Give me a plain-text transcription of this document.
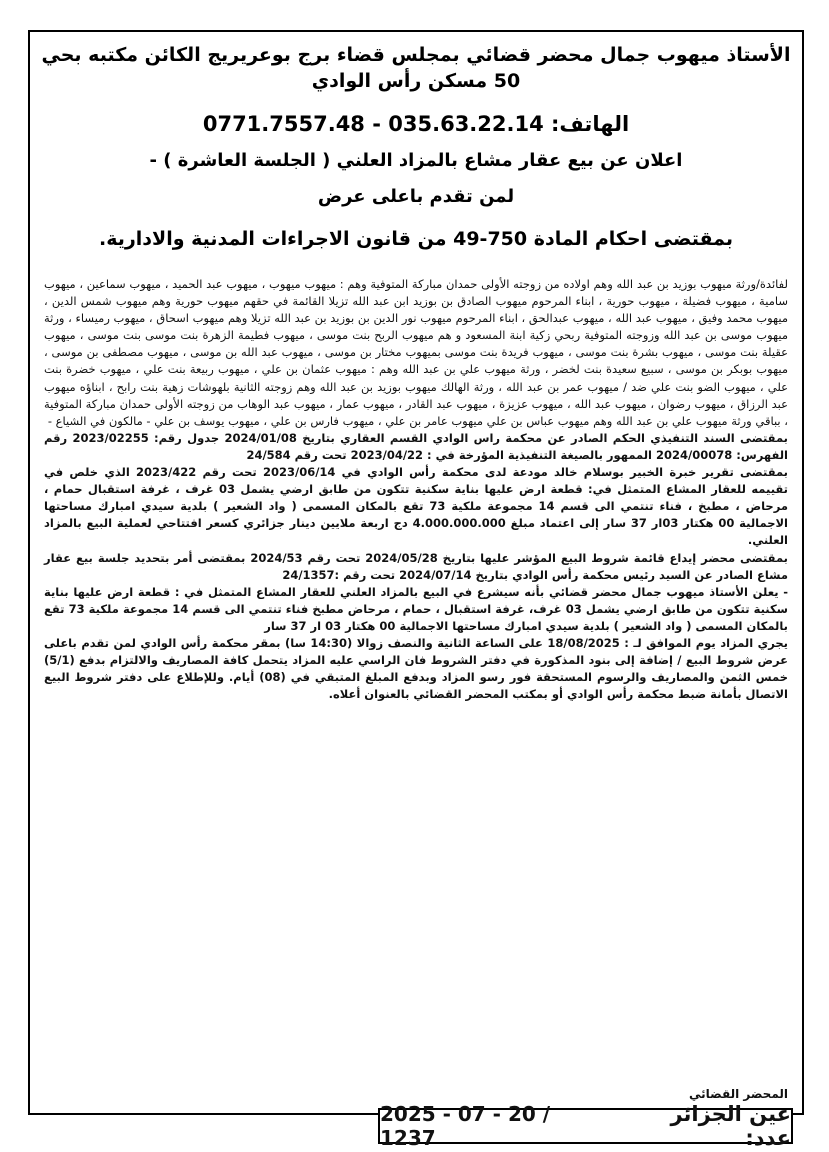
الأستاذ ميهوب جمال محضر قضائي بمجلس قضاء برج بوعريريج الكائن مكتبه بحي 50 مسكن رأس الوادي
الهاتف: 035.63.22.14 - 0771.7557.48
اعلان عن بيع عقار مشاع بالمزاد العلني ( الجلسة العاشرة ) -
لمن تقدم باعلى عرض
بمقتضى احكام المادة 750-49 من قانون الاجراءات المدنية والادارية.

لفائدة/ورثة ميهوب بوزيد بن عبد الله وهم اولاده من زوجته الأولى حمدان مباركة المتوفية وهم : ميهوب ميهوب ، ميهوب عبد الحميد ، ميهوب سماعين ، ميهوب سامية ، ميهوب فضيلة ، ميهوب حورية ، ابناء المرحوم ميهوب الصادق بن بوزيد ابن عبد الله تزيلا القائمة في حقهم ميهوب حورية وهم ميهوب شمس الدين ، ميهوب محمد وفيق ، ميهوب عبد الله ، ميهوب عبدالحق ، ابناء المرحوم ميهوب نور الدين بن بوزيد بن عبد الله تزيلا وهم ميهوب اسحاق ، ميهوب رميساء ، ورثة ميهوب موسى بن عبد الله وزوجته المتوفية ربحي زكية ابنة المسعود و هم ميهوب الربح بنت موسى ، ميهوب فطيمة الزهرة بنت موسى بنت موسى ، ميهوب عقيلة بنت موسى ، ميهوب بشرة بنت موسى ، ميهوب فريدة بنت موسى بميهوب مختار بن موسى ، ميهوب عبد الله بن موسى ، ميهوب مصطفى بن موسى ، ميهوب بوبكر بن موسى ، سبيع سعيدة بنت لخضر ، ورثة ميهوب علي بن عبد الله وهم : ميهوب عثمان بن علي ، ميهوب ربيعة بنت علي ، ميهوب خضرة بنت علي ، ميهوب الضو بنت علي ضد / ميهوب عمر بن عبد الله ، ورثة الهالك ميهوب بوزيد بن عبد الله وهم زوجته الثانية بلهوشات زهية بنت رابح ، ابناؤه ميهوب عبد الرزاق ، ميهوب رضوان ، ميهوب عبد الله ، ميهوب عزيزة ، ميهوب عبد القادر ، ميهوب عمار ، ميهوب عبد الوهاب من زوجته الأولى حمدان مباركة المتوفية ، بباقي ورثة ميهوب علي بن عبد الله وهم ميهوب عباس بن علي ميهوب عامر بن علي ، ميهوب فارس بن علي ، ميهوب يوسف بن علي - مالكون في الشياع -

بمقتضى السند التنفيذي الحكم الصادر عن محكمة راس الوادي القسم العقاري بتاريخ 2024/01/08 جدول رقم: 2023/02255 رقم الفهرس: 2024/00078 الممهور بالصيغة التنفيذية المؤرخة في : 2023/04/22 تحت رقم 24/584

بمقتضى تقرير خبرة الخبير بوسلام خالد مودعة لدى محكمة رأس الوادي في 2023/06/14 تحت رقم 2023/422 الذي خلص في تقييمه للعقار المشاع المتمثل في: قطعة ارض عليها بناية سكنية تتكون من طابق ارضي يشمل 03 غرف ، غرفة استقبال حمام ، مرحاض ، مطبخ ، فناء تنتمي الى قسم 14 مجموعة ملكية 73 تقع بالمكان المسمى ( واد الشعير ) بلدية سيدي امبارك مساحتها الاجمالية 00 هكتار 03ار 37 سار إلى اعتماد مبلغ 4.000.000.000 دج اربعة ملايين دينار جزائري كسعر افتتاحي لعملية البيع بالمزاد العلني.

بمقتضى محضر إيداع قائمة شروط البيع المؤشر عليها بتاريخ 2024/05/28 تحت رقم 2024/53 بمقتضى أمر بتحديد جلسة بيع عقار مشاع الصادر عن السيد رئيس محكمة رأس الوادي بتاريخ 2024/07/14 تحت رقم :24/1357

- يعلن الأستاذ ميهوب جمال محضر قضائي بأنه سيشرع في البيع بالمزاد العلني للعقار المشاع المتمثل في : قطعة ارض عليها بناية سكنية تتكون من طابق ارضي يشمل 03 غرف، غرفة استقبال ، حمام ، مرحاض مطبخ فناء تنتمي الى قسم 14 مجموعة ملكية 73 تقع بالمكان المسمى ( واد الشعير ) بلدية سيدي امبارك مساحتها الاجمالية 00 هكتار 03 ار 37 سار

يجري المزاد يوم الموافق لـ : 18/08/2025 على الساعة الثانية والنصف زوالا (14:30 سا) بمقر محكمة رأس الوادي لمن تقدم باعلى عرض شروط البيع / إضافة إلى بنود المذكورة في دفتر الشروط فان الراسي عليه المزاد يتحمل كافة المصاريف والالتزام بدفع (5/1) خمس الثمن والمصاريف والرسوم المستحقة فور رسو المزاد وبدفع المبلغ المتبقي في (08) أيام. وللإطلاع على دفتر شروط البيع الاتصال بأمانة ضبط محكمة رأس الوادي أو بمكتب المحضر القضائي بالعنوان أعلاه.

المحضر القضائي
عين الجزائر عدد:
2025 - 07 - 20 / 1237
